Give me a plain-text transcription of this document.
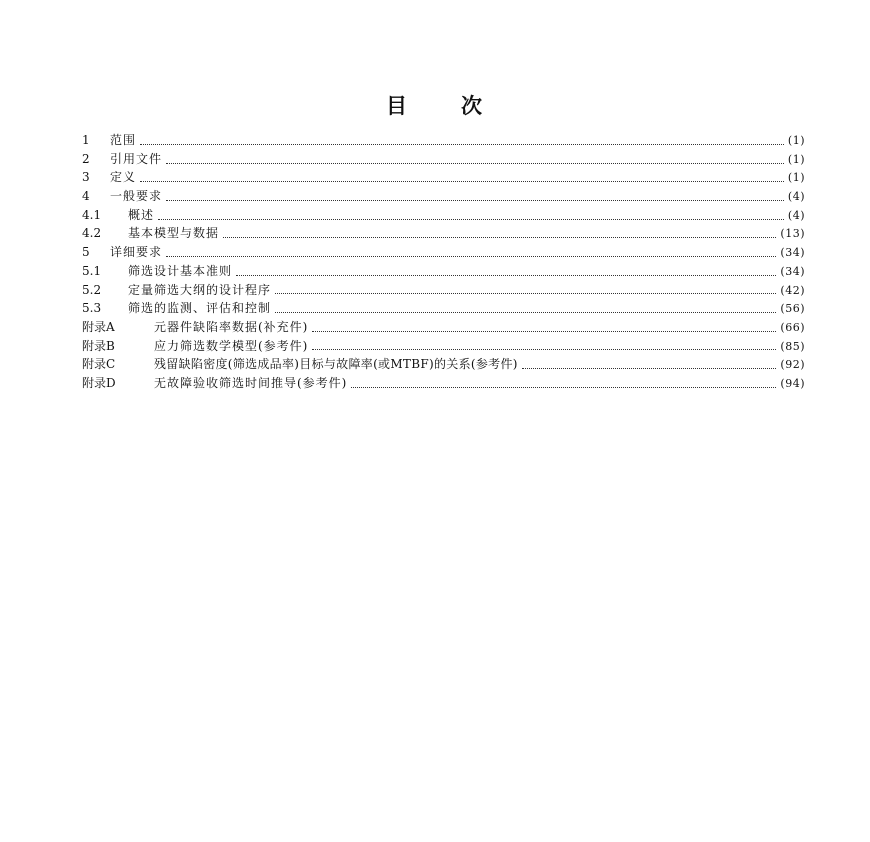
目 次
1	范围	(1)
2	引用文件	(1)
3	定义	(1)
4	一般要求	(4)
4.1	概述	(4)
4.2	基本模型与数据	(13)
5	详细要求	(34)
5.1	筛选设计基本准则	(34)
5.2	定量筛选大纲的设计程序	(42)
5.3	筛选的监测、评估和控制	(56)
附录A	元器件缺陷率数据(补充件)	(66)
附录B	应力筛选数学模型(参考件)	(85)
附录C	残留缺陷密度(筛选成品率)目标与故障率(或MTBF)的关系(参考件)	(92)
附录D	无故障验收筛选时间推导(参考件)	(94)
